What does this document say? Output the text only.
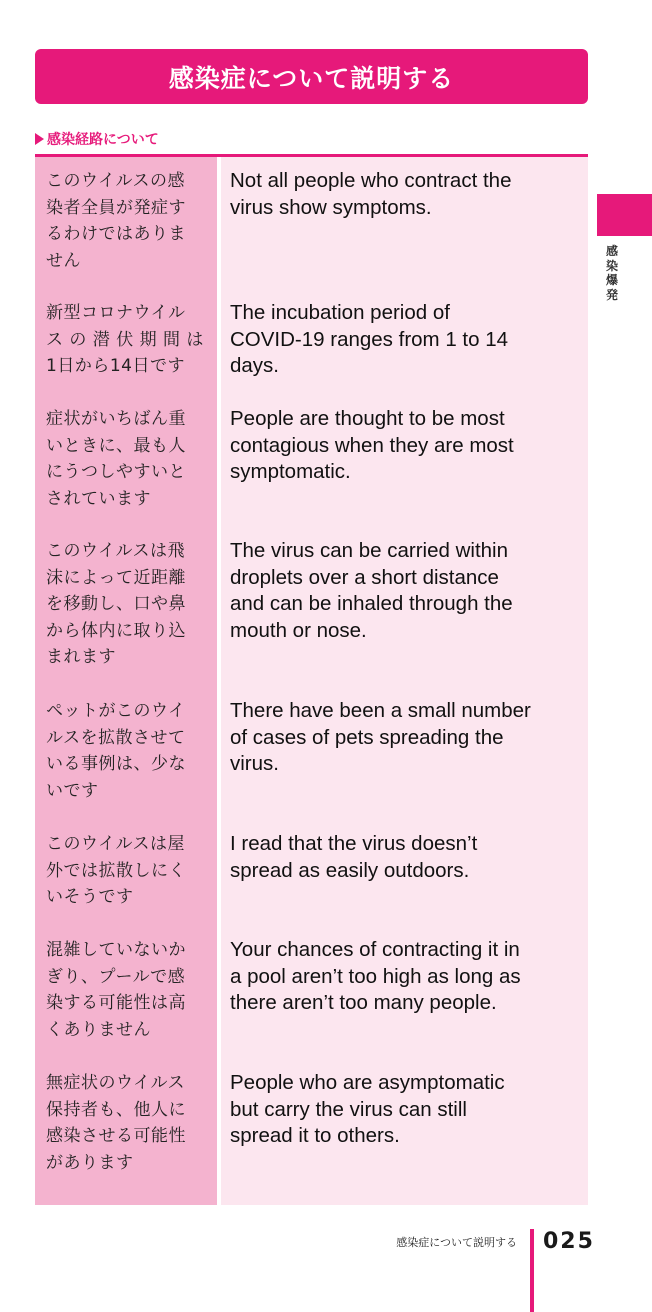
感染症について説明する
感染経路について
感染爆発
このウイルスの感
染者全員が発症す
るわけではありま
せん
Not all people who contract the
virus show symptoms.
新型コロナウイル
ス の 潜 伏 期 間 は
1日から14日です
The incubation period of
COVID-19 ranges from 1 to 14
days.
症状がいちばん重
いときに、最も人
にうつしやすいと
されています
People are thought to be most
contagious when they are most
symptomatic.
このウイルスは飛
沫によって近距離
を移動し、口や鼻
から体内に取り込
まれます
The virus can be carried within
droplets over a short distance
and can be inhaled through the
mouth or nose.
ペットがこのウイ
ルスを拡散させて
いる事例は、少な
いです
There have been a small number
of cases of pets spreading the
virus.
このウイルスは屋
外では拡散しにく
いそうです
I read that the virus doesn’t
spread as easily outdoors.
混雑していないか
ぎり、プールで感
染する可能性は高
くありません
Your chances of contracting it in
a pool aren’t too high as long as
there aren’t too many people.
無症状のウイルス
保持者も、他人に
感染させる可能性
があります
People who are asymptomatic
but carry the virus can still
spread it to others.
感染症について説明する 025
